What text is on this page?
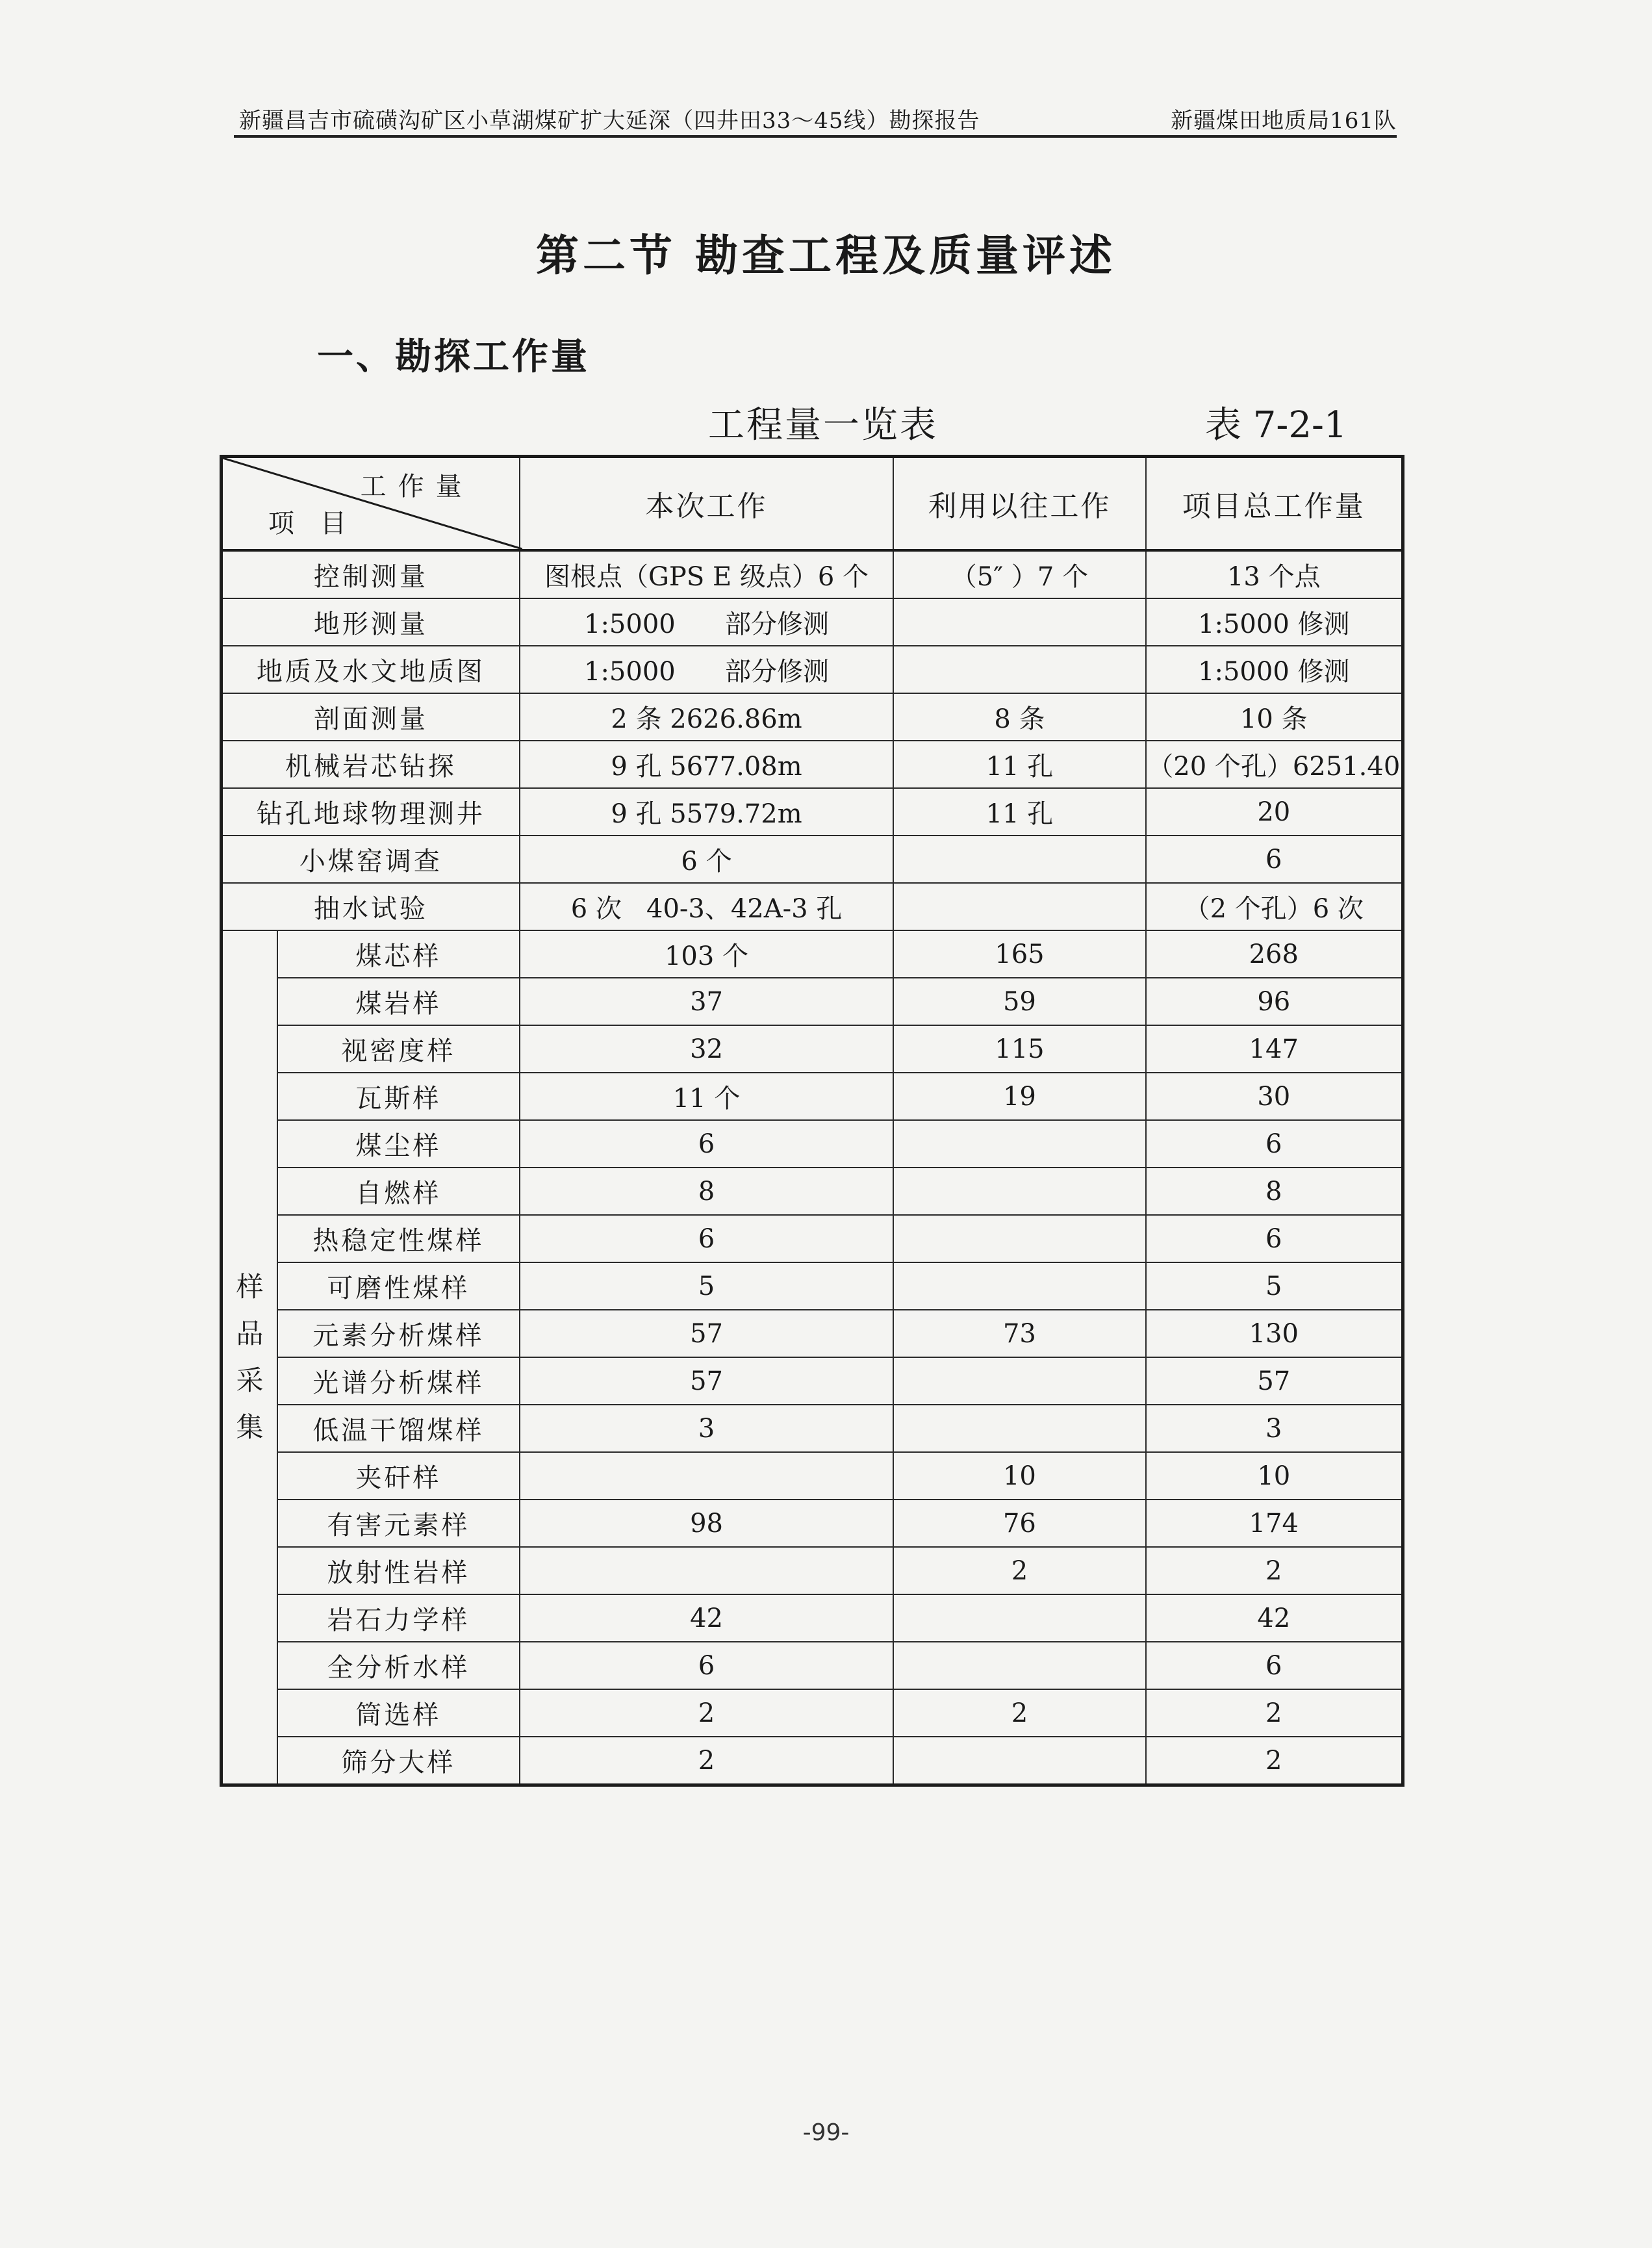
新疆昌吉市硫磺沟矿区小草湖煤矿扩大延深（四井田33～45线）勘探报告	新疆煤田地质局161队
第二节 勘查工程及质量评述
一、勘探工作量
工程量一览表	表 7-2-1
工作量
项目		本次工作	利用以往工作	项目总工作量
控制测量		图根点（GPS E 级点）6 个	（5″ ）7 个	13 个点
地形测量		1:5000      部分修测		1:5000 修测
地质及水文地质图		1:5000      部分修测		1:5000 修测
剖面测量		2 条 2626.86m	8 条	10 条
机械岩芯钻探		9 孔 5677.08m	11 孔	（20 个孔）6251.40
钻孔地球物理测井		9 孔 5579.72m	11 孔	20
小煤窑调查		6 个		6
抽水试验		6 次   40-3、42A-3 孔		（2 个孔）6 次

样
品
采
集	煤芯样	103 个	165	268
	煤岩样	37	59	96
	视密度样	32	115	147
	瓦斯样	11 个	19	30
	煤尘样	6		6
	自燃样	8		8
	热稳定性煤样	6		6
	可磨性煤样	5		5
	元素分析煤样	57	73	130
	光谱分析煤样	57		57
	低温干馏煤样	3		3
	夹矸样		10	10
	有害元素样	98	76	174
	放射性岩样		2	2
	岩石力学样	42		42
	全分析水样	6		6
	筒选样	2	2	2
	筛分大样	2		2
-99-
